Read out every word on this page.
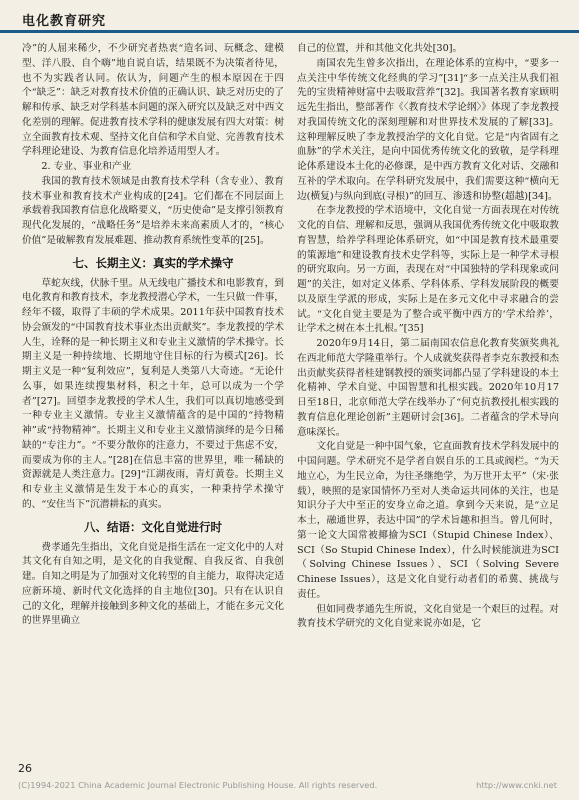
电化教育研究

冷”的人屈来稀少，不少研究者热衷“造名词、玩概念、建模型、洋八股、自个嗨”地自说自话，结果既不为决策者待见，也不为实践者认同。依认为，问题产生的根本原因在于四个“缺乏”：缺乏对教育技术价值的正确认识、缺乏对历史的了解和传承、缺乏对学科基本问题的深入研究以及缺乏对中西文化差别的理解。促进教育技术学科的健康发展有四大对策：树立全面教育技术观、坚持文化自信和学术自觉、完善教育技术学科理论建设、为教育信息化培养适用型人才。

2. 专业、事业和产业

我国的教育技术领域是由教育技术学科（含专业）、教育技术事业和教育技术产业构成的[24]。它们都在不同层面上承载着我国教育信息化战略要义，“历史使命”是支撑引领教育现代化发展的，“战略任务”是培养未来高素质人才的，“核心价值”是破解教育发展难题、推动教育系统性变革的[25]。

七、长期主义：真实的学术操守

草蛇灰线，伏脉千里。从无线电广播技术和电影教育，到电化教育和教育技术，李龙教授潜心学术，一生只做一件事，经年不辍，取得了丰硕的学术成果。2011年获中国教育技术协会颁发的“中国教育技术事业杰出贡献奖”。李龙教授的学术人生，诠释的是一种长期主义和专业主义激情的学术操守。长期主义是一种持续地、长期地守住目标的行为模式[26]。长期主义是一种“复利效应”，复利是人类第八大奇迹。“无论什么事，如果连续搜集材料，积之十年，总可以成为一个学者”[27]。回望李龙教授的学术人生，我们可以真切地感受到一种专业主义激情。专业主义激情蕴含的是中国的“持物精神”或“持物精神”。长期主义和专业主义激情演绎的是今日稀缺的“专注力”。“不要分散你的注意力，不要过于焦虑不安，而要成为你的主人。”[28]在信息丰富的世界里，唯一稀缺的资源就是人类注意力。[29]“江湖夜雨，青灯黄卷。长期主义和专业主义激情是生发于本心的真实，一种秉持学术操守的、“安住当下”沉潜耕耘的真实。

八、结语：文化自觉进行时

费孝通先生指出，文化自觉是指生活在一定文化中的人对其文化有自知之明，是文化的自我觉醒、自我反省、自我创建。自知之明是为了加强对文化转型的自主能力，取得决定适应新环境、新时代文化选择的自主地位[30]。只有在认识自己的文化，理解并接触到多种文化的基础上，才能在多元文化的世界里确立

自己的位置，并和其他文化共处[30]。

南国农先生曾多次指出，在理论体系的宣构中，“要多一点关注中华传统文化经典的学习”[31]“多一点关注从我们祖先的宝贵精神财富中去吸取营养”[32]。我国著名教育家顾明远先生指出，整部著作《〈教育技术学论纲〉》体现了李龙教授对我国传统文化的深刻理解和对世界技术发展的了解[33]。这种理解反映了李龙教授治学的文化自觉。它是“内省固有之血脉”的学术关注，是向中国优秀传统文化的致敬，是学科理论体系建设本土化的必修课，是中西方教育文化对话、交融和互补的学术取向。在学科研究发展中，我们需要这种“横向无边(横复)与纵向到底(寻根)”的回互、渗透和协整(超越)[34]。

在李龙教授的学术语境中，文化自觉一方面表现在对传统文化的自信、理解和反思，强调从我国优秀传统文化中吸取教育智慧，给养学科理论体系研究，如“中国是教育技术最重要的策源地”和建设教育技术史学科等，实际上是一种学术寻根的研究取向。另一方面，表现在对“中国独特的学科现象或问题”的关注，如对定义体系、学科体系、学科发展阶段的概要以及原生学派的形成，实际上是在多元文化中寻求融合的尝试。“文化自觉主要是为了整合或平衡中西方的‘学术给养’，让学术之树在本土扎根。”[35]

2020年9月14日，第二届南国农信息化教育奖颁奖典礼在西北师范大学隆重举行。个人成就奖获得者李克东教授和杰出贡献奖获得者桂建钢教授的颁奖词都凸显了学科建设的本土化精神、学术自觉、中国智慧和扎根实践。2020年10月17日至18日，北京师范大学在线举办了“何克抗教授扎根实践的教育信息化理论创新”主题研讨会[36]。二者蕴含的学术导向意味深长。

文化自觉是一种中国气象，它直面教育技术学科发展中的中国问题。学术研究不是学者自娱自乐的工具或阀栏。“为天地立心，为生民立命，为往圣继绝学，为万世开太平”（宋·张载），映照的是家国情怀乃至对人类命运共同体的关注，也是知识分子大中至正的安身立命之道。拿到今天来说，是“立足本土，融通世界，表达中国”的学术旨趣和担当。曾几何时，第一论文大国常被揶揄为SCI（Stupid Chinese Index）、SCI（So Stupid Chinese Index），什么时候能演进为SCI（Solving Chinese Issues）、SCI（Solving Severe Chinese Issues），这是文化自觉行动者们的希冀、挑战与责任。

但如同费孝通先生所说，文化自觉是一个艰巨的过程。对教育技术学研究的文化自觉来说亦如是，它

26
(C)1994-2021 China Academic Journal Electronic Publishing House. All rights reserved.	http://www.cnki.net
